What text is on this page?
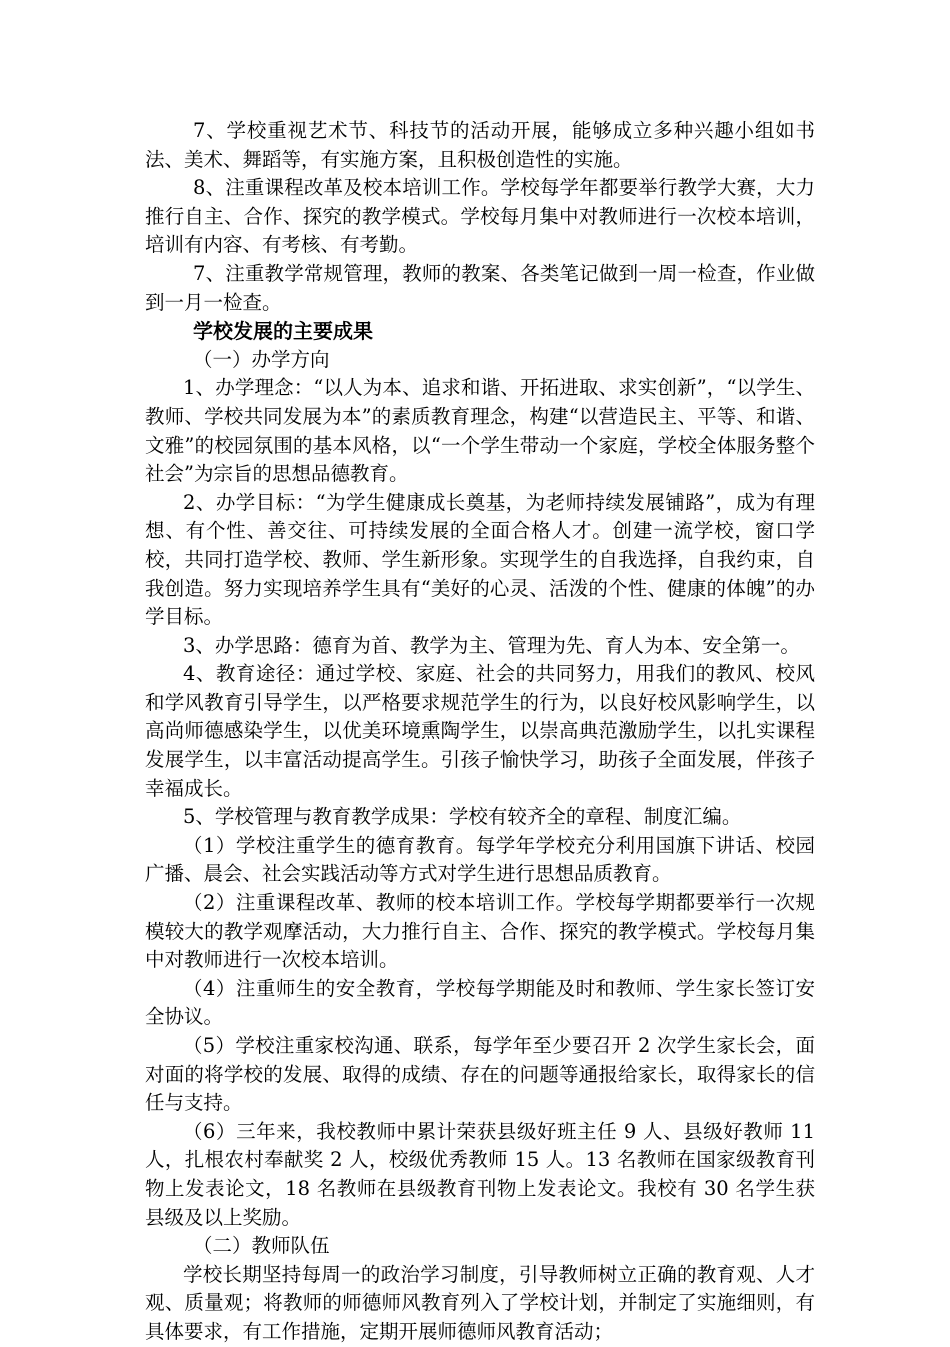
7、学校重视艺术节、科技节的活动开展，能够成立多种兴趣小组如书法、美术、舞蹈等，有实施方案，且积极创造性的实施。

8、注重课程改革及校本培训工作。学校每学年都要举行教学大赛，大力推行自主、合作、探究的教学模式。学校每月集中对教师进行一次校本培训，培训有内容、有考核、有考勤。

7、注重教学常规管理，教师的教案、各类笔记做到一周一检查，作业做到一月一检查。

学校发展的主要成果

（一）办学方向

1、办学理念：“以人为本、追求和谐、开拓进取、求实创新”，“以学生、教师、学校共同发展为本”的素质教育理念，构建“以营造民主、平等、和谐、文雅”的校园氛围的基本风格，以“一个学生带动一个家庭，学校全体服务整个社会”为宗旨的思想品德教育。

2、办学目标：“为学生健康成长奠基，为老师持续发展铺路”，成为有理想、有个性、善交往、可持续发展的全面合格人才。创建一流学校，窗口学校，共同打造学校、教师、学生新形象。实现学生的自我选择，自我约束，自我创造。努力实现培养学生具有“美好的心灵、活泼的个性、健康的体魄”的办学目标。

3、办学思路：德育为首、教学为主、管理为先、育人为本、安全第一。

4、教育途径：通过学校、家庭、社会的共同努力，用我们的教风、校风和学风教育引导学生，以严格要求规范学生的行为，以良好校风影响学生，以高尚师德感染学生，以优美环境熏陶学生，以崇高典范激励学生，以扎实课程发展学生，以丰富活动提高学生。引孩子愉快学习，助孩子全面发展，伴孩子幸福成长。

5、学校管理与教育教学成果：学校有较齐全的章程、制度汇编。

（1）学校注重学生的德育教育。每学年学校充分利用国旗下讲话、校园广播、晨会、社会实践活动等方式对学生进行思想品质教育。

（2）注重课程改革、教师的校本培训工作。学校每学期都要举行一次规模较大的教学观摩活动，大力推行自主、合作、探究的教学模式。学校每月集中对教师进行一次校本培训。

（4）注重师生的安全教育，学校每学期能及时和教师、学生家长签订安全协议。

（5）学校注重家校沟通、联系，每学年至少要召开 2 次学生家长会，面对面的将学校的发展、取得的成绩、存在的问题等通报给家长，取得家长的信任与支持。

（6）三年来，我校教师中累计荣获县级好班主任 9 人、县级好教师 11 人，扎根农村奉献奖 2 人，校级优秀教师 15 人。13 名教师在国家级教育刊物上发表论文，18 名教师在县级教育刊物上发表论文。我校有 30 名学生获县级及以上奖励。

（二）教师队伍

学校长期坚持每周一的政治学习制度，引导教师树立正确的教育观、人才观、质量观；将教师的师德师风教育列入了学校计划，并制定了实施细则，有具体要求，有工作措施，定期开展师德师风教育活动；
